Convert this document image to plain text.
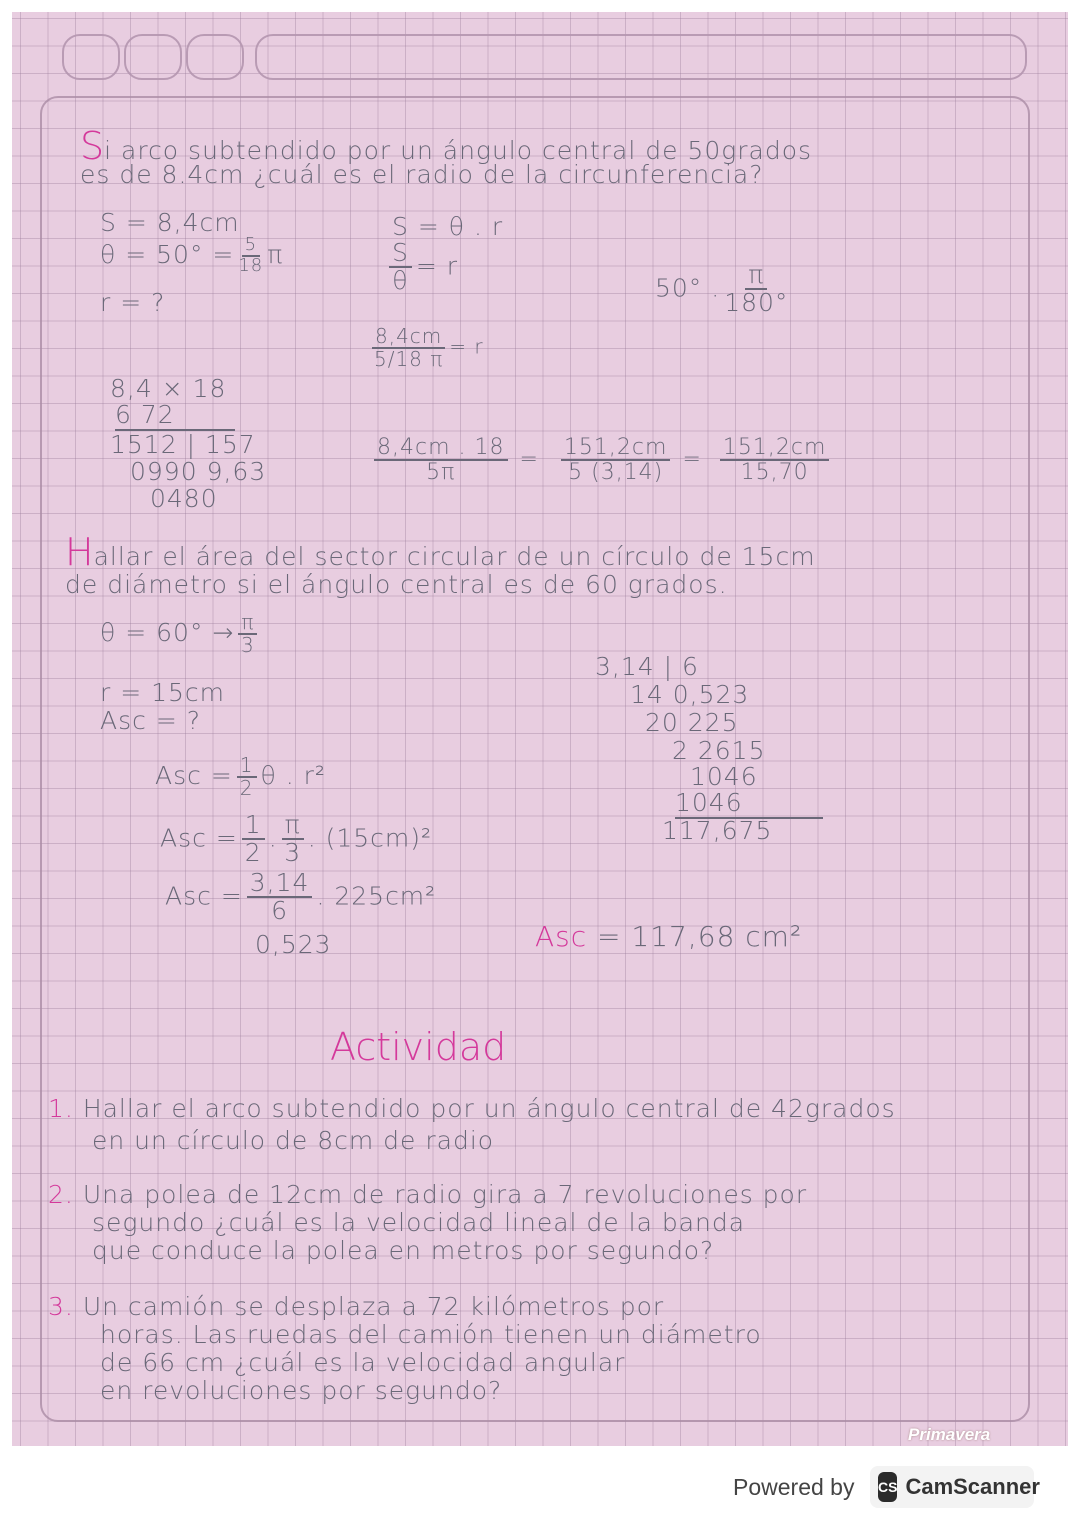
Si arco subtendido por un ángulo central de 50grados
es de 8.4cm ¿cuál es el radio de la circunferencia?
S = 8,4cm
$\theta = 50^\circ = \frac{5}{18}$ π
r = ?
S = θ . r
$\frac{S}{\theta} = r$
50° . $\frac{\pi}{180^\circ}$
$\frac{8,4cm}{5/18 \pi} = r$
8,4 × 18
6 72
1512 | 157
0990 9,63
0480
$\frac{8,4cm . 18}{5\pi} = \frac{151,2cm}{5 (3,14)} = \frac{151,2cm}{15,70}$
Hallar el área del sector circular de un círculo de 15cm
de diámetro si el ángulo central es de 60 grados.
$\theta = 60^\circ \to \frac{\pi}{3}$
r = 15cm
Asc = ?
Asc = $\frac{1}{2}$ θ . r²
Asc = $\frac{1}{2}$ . $\frac{\pi}{3}$ . (15cm)²
Asc = $\frac{3,14}{6}$ . 225cm²
0,523
3,14 | 6
14 0,523
20 225
2 2615
1046
1046
117,675
Asc = 117,68 cm²
Actividad
1. Hallar el arco subtendido por un ángulo central de 42grados
en un círculo de 8cm de radio
2. Una polea de 12cm de radio gira a 7 revoluciones por
segundo ¿cuál es la velocidad lineal de la banda
que conduce la polea en metros por segundo?
3. Un camión se desplaza a 72 kilómetros por
horas. Las ruedas del camión tienen un diámetro
de 66 cm ¿cuál es la velocidad angular
en revoluciones por segundo?
Primavera
Powered by CS CamScanner
